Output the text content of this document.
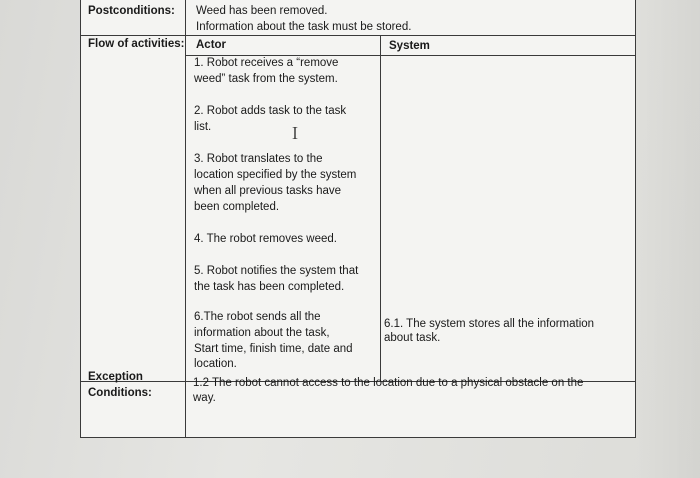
Postconditions: Weed has been removed.
Information about the task must be stored.
Flow of activities: Actor	System
1. Robot receives a “remove
weed” task from the system.
2. Robot adds task to the task
list.	Ｉ
3. Robot translates to the
location specified by the system
when all previous tasks have
been completed.
4. The robot removes weed.
5. Robot notifies the system that
the task has been completed.
6.The robot sends all the
information about the task,
Start time, finish time, date and
location.
6.1. The system stores all the information
about task.
Exception
Conditions:
1.2 The robot cannot access to the location due to a physical obstacle on the
way.
